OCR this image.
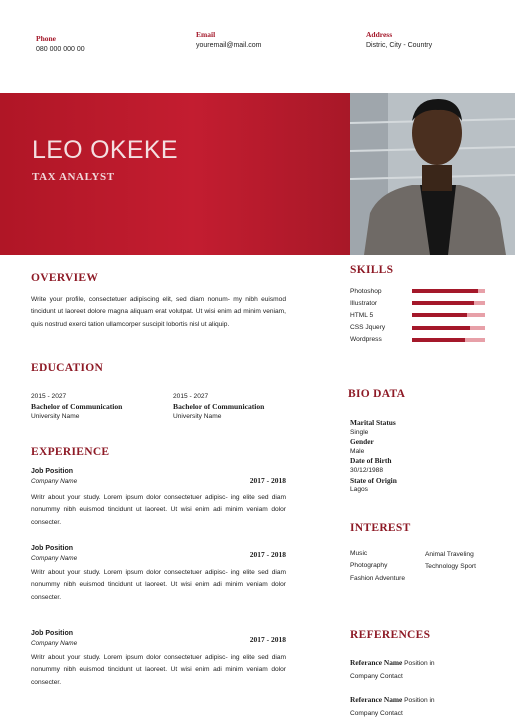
Phone
080 000 000 00
Email
youremail@mail.com
Address
Distric, City - Country
LEO OKEKE
TAX ANALYST
OVERVIEW
Write your profile, consectetuer adipiscing elit, sed diam nonum- my nibh euismod tincidunt ut laoreet dolore magna aliquam erat volutpat. Ut wisi enim ad minim veniam, quis nostrud exerci tation ullamcorper suscipit lobortis nisl ut aliquip.
EDUCATION
2015 - 2027
Bachelor of Communication
University Name
2015 - 2027
Bachelor of Communication
University Name
EXPERIENCE
Job Position
Company Name	2017 - 2018
Writr about your study. Lorem ipsum dolor consectetuer adipisc- ing elite sed diam nonummy nibh euismod tincidunt ut laoreet. Ut wisi enim adi minim veniam dolor consecter.
Job Position
Company Name	2017 - 2018
Writr about your study. Lorem ipsum dolor consectetuer adipisc- ing elite sed diam nonummy nibh euismod tincidunt ut laoreet. Ut wisi enim adi minim veniam dolor consecter.
Job Position
Company Name	2017 - 2018
Writr about your study. Lorem ipsum dolor consectetuer adipisc- ing elite sed diam nonummy nibh euismod tincidunt ut laoreet. Ut wisi enim adi minim veniam dolor consecter.
SKILLS
Photoshop
Illustrator
HTML 5
CSS Jquery
Wordpress
BIO DATA
Marital Status
Single
Gender
Male
Date of Birth
30/12/1988
State of Origin
Lagos
INTEREST
Music
Photography
Fashion Adventure
Animal Traveling
Technology Sport
REFERENCES
Referance Name Position in
Company Contact
Referance Name Position in
Company Contact
